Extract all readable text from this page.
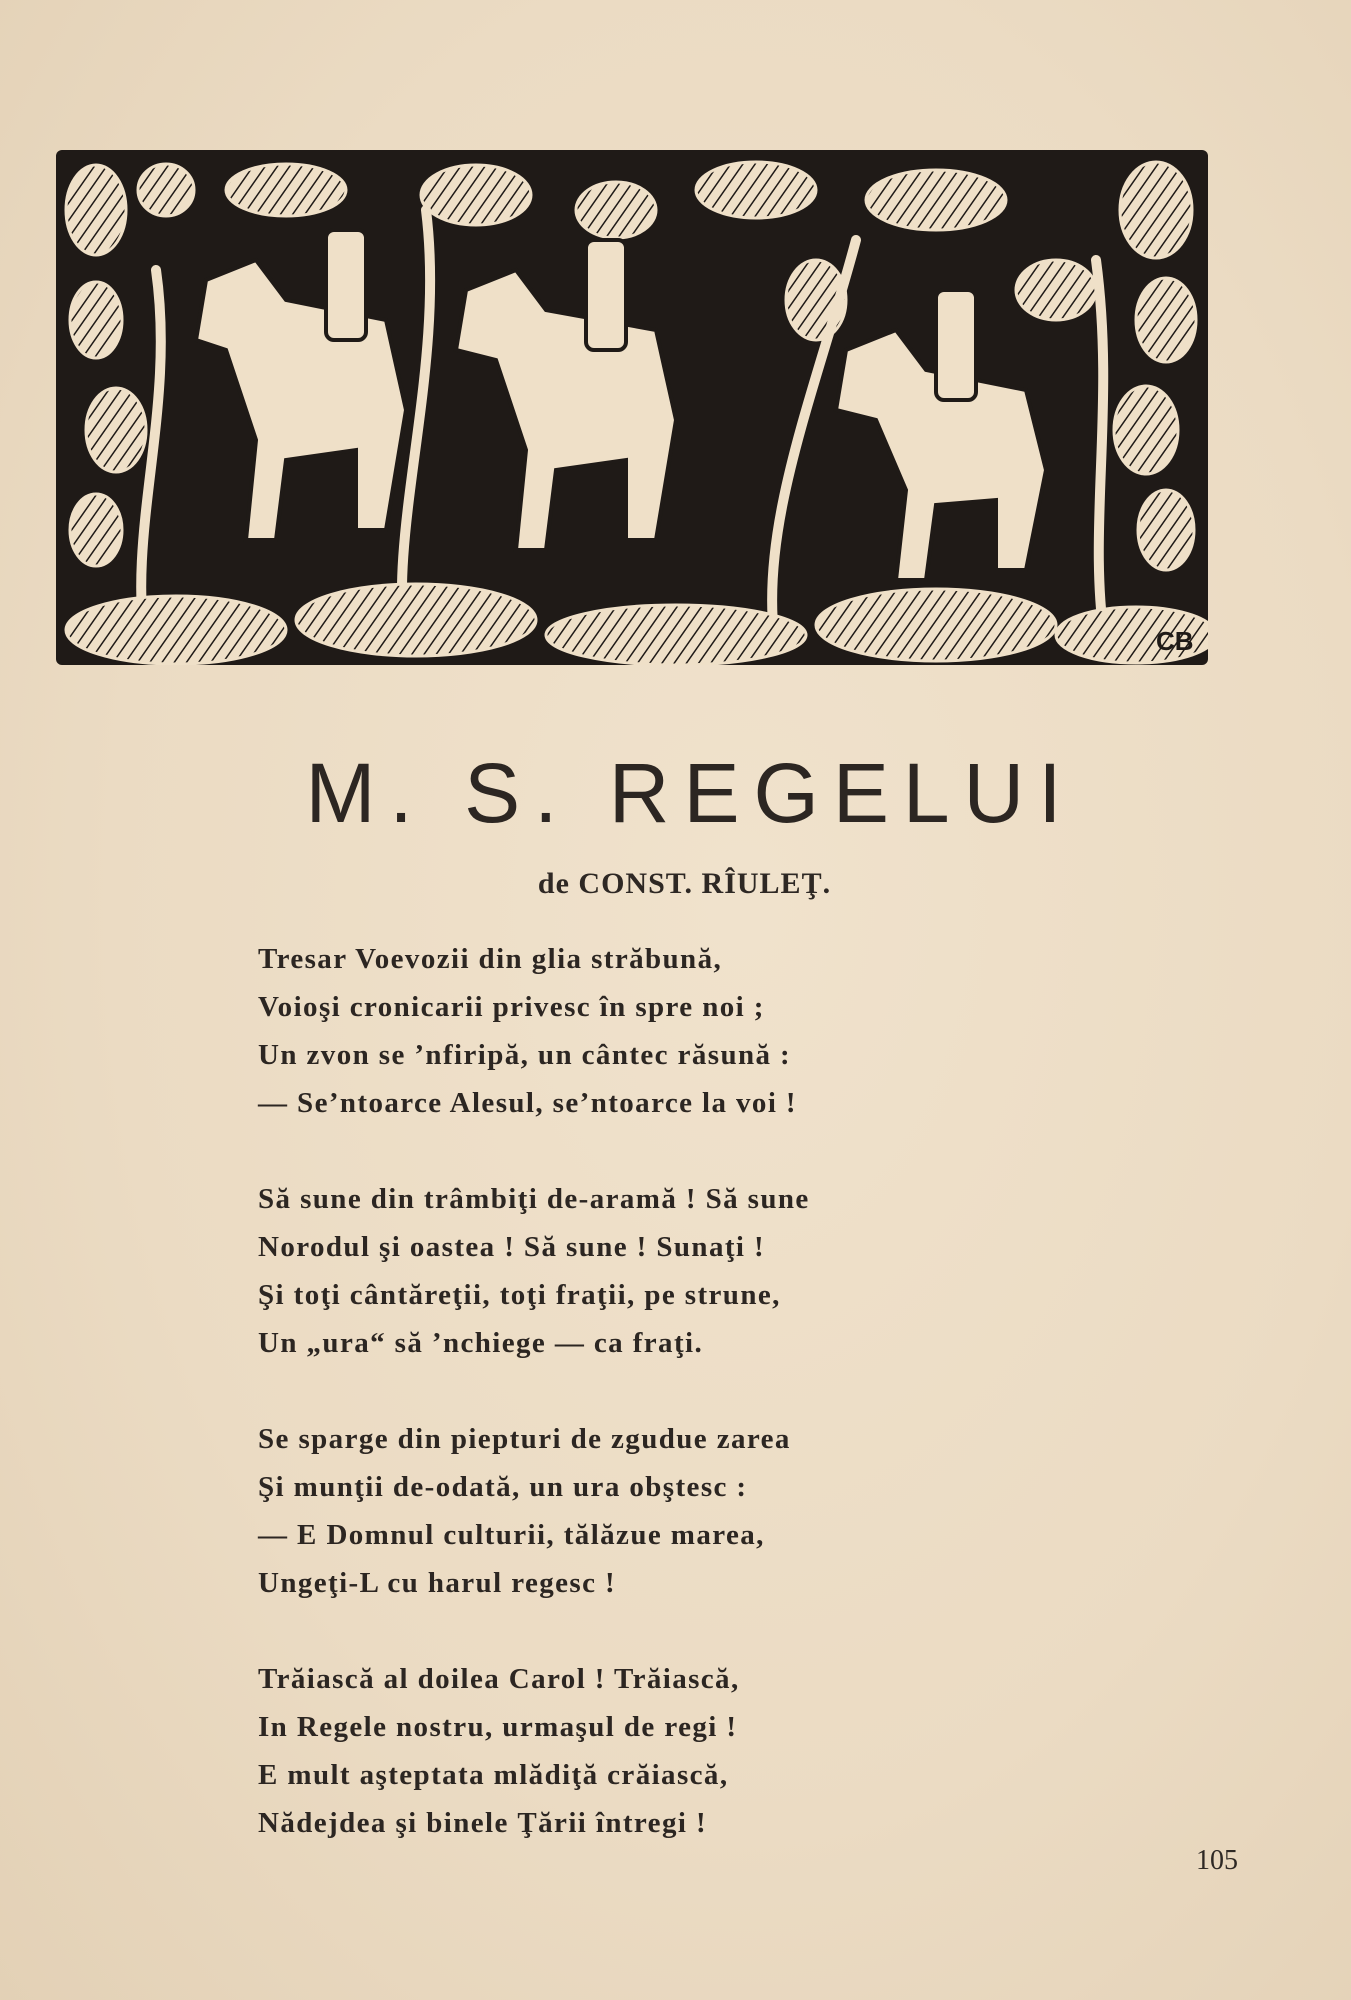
CB
M. S. REGELUI
de CONST. RÎULEŢ.
Tresar Voevozii din glia străbună,
Voioşi cronicarii privesc în spre noi ;
Un zvon se ’nfiripă, un cântec răsună :
— Se’ntoarce Alesul, se’ntoarce la voi !
Să sune din trâmbiţi de-aramă ! Să sune
Norodul şi oastea ! Să sune ! Sunaţi !
Şi toţi cântăreţii, toţi fraţii, pe strune,
Un „ura“ să ’nchiege — ca fraţi.
Se sparge din piepturi de zgudue zarea
Şi munţii de-odată, un ura obştesc :
— E Domnul culturii, tălăzue marea,
Ungeţi-L cu harul regesc !
Trăiască al doilea Carol ! Trăiască,
In Regele nostru, urmaşul de regi !
E mult aşteptata mlădiţă crăiască,
Nădejdea şi binele Ţării întregi !
105
